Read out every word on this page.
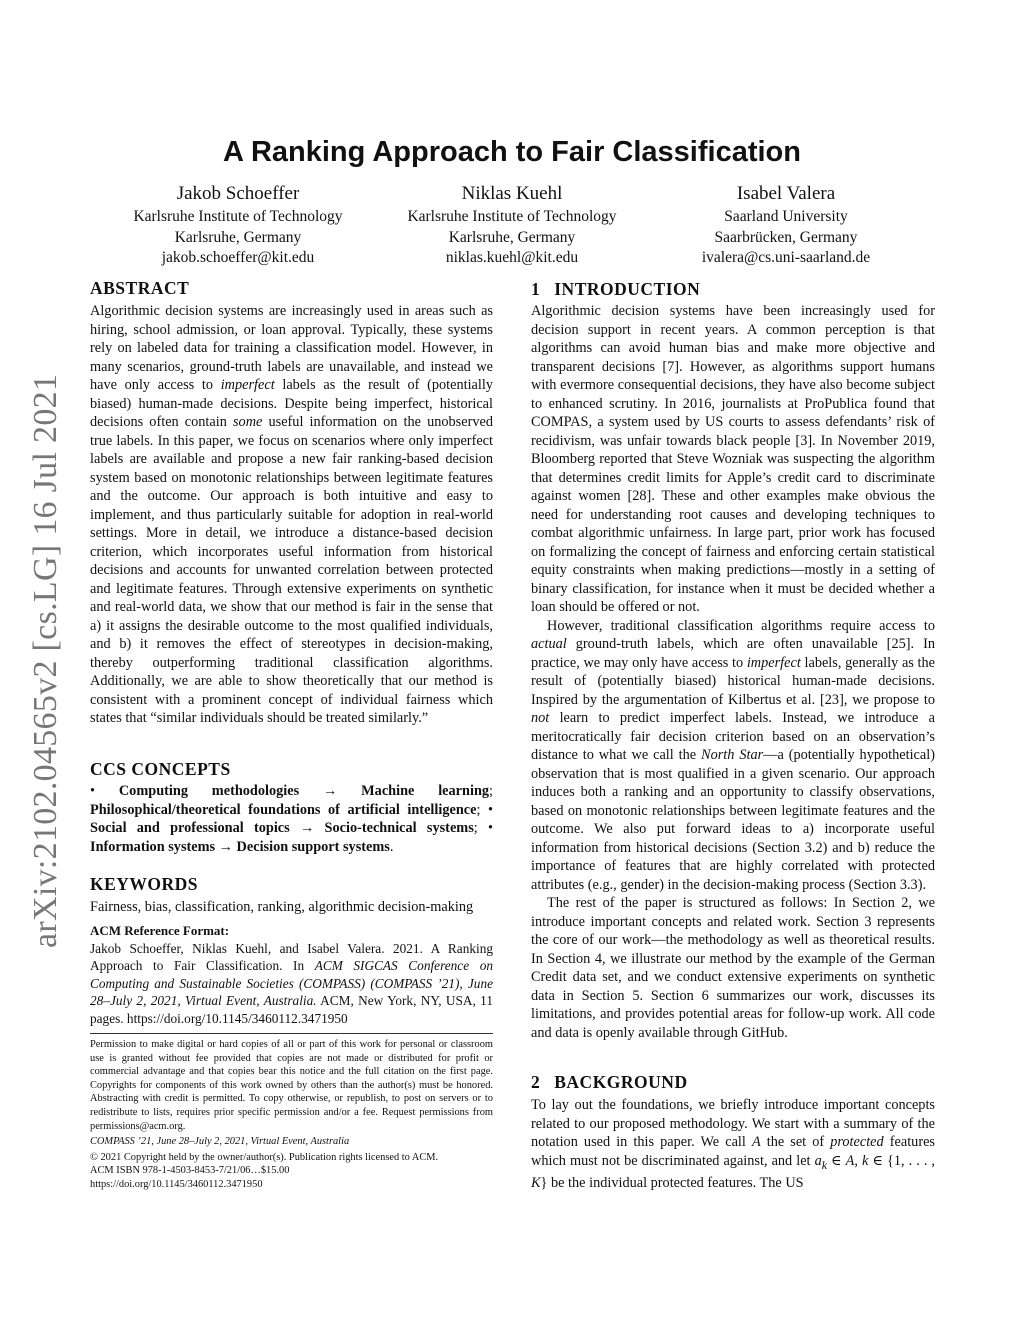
arXiv:2102.04565v2 [cs.LG] 16 Jul 2021
A Ranking Approach to Fair Classification
Jakob Schoeffer
Karlsruhe Institute of Technology
Karlsruhe, Germany
jakob.schoeffer@kit.edu
Niklas Kuehl
Karlsruhe Institute of Technology
Karlsruhe, Germany
niklas.kuehl@kit.edu
Isabel Valera
Saarland University
Saarbrücken, Germany
ivalera@cs.uni-saarland.de
ABSTRACT
Algorithmic decision systems are increasingly used in areas such as hiring, school admission, or loan approval. Typically, these systems rely on labeled data for training a classification model. However, in many scenarios, ground-truth labels are unavailable, and instead we have only access to imperfect labels as the result of (potentially biased) human-made decisions. Despite being imperfect, historical decisions often contain some useful information on the unobserved true labels. In this paper, we focus on scenarios where only imperfect labels are available and propose a new fair ranking-based decision system based on monotonic relationships between legitimate features and the outcome. Our approach is both intuitive and easy to implement, and thus particularly suitable for adoption in real-world settings. More in detail, we introduce a distance-based decision criterion, which incorporates useful information from historical decisions and accounts for unwanted correlation between protected and legitimate features. Through extensive experiments on synthetic and real-world data, we show that our method is fair in the sense that a) it assigns the desirable outcome to the most qualified individuals, and b) it removes the effect of stereotypes in decision-making, thereby outperforming traditional classification algorithms. Additionally, we are able to show theoretically that our method is consistent with a prominent concept of individual fairness which states that “similar individuals should be treated similarly.”
CCS CONCEPTS
• Computing methodologies → Machine learning; Philosophical/theoretical foundations of artificial intelligence; • Social and professional topics → Socio-technical systems; • Information systems → Decision support systems.
KEYWORDS
Fairness, bias, classification, ranking, algorithmic decision-making
ACM Reference Format:
Jakob Schoeffer, Niklas Kuehl, and Isabel Valera. 2021. A Ranking Approach to Fair Classification. In ACM SIGCAS Conference on Computing and Sustainable Societies (COMPASS) (COMPASS ’21), June 28–July 2, 2021, Virtual Event, Australia. ACM, New York, NY, USA, 11 pages. https://doi.org/10.1145/3460112.3471950
Permission to make digital or hard copies of all or part of this work for personal or classroom use is granted without fee provided that copies are not made or distributed for profit or commercial advantage and that copies bear this notice and the full citation on the first page. Copyrights for components of this work owned by others than the author(s) must be honored. Abstracting with credit is permitted. To copy otherwise, or republish, to post on servers or to redistribute to lists, requires prior specific permission and/or a fee. Request permissions from permissions@acm.org.
COMPASS ’21, June 28–July 2, 2021, Virtual Event, Australia
© 2021 Copyright held by the owner/author(s). Publication rights licensed to ACM.
ACM ISBN 978-1-4503-8453-7/21/06…$15.00
https://doi.org/10.1145/3460112.3471950
1 INTRODUCTION

Algorithmic decision systems have been increasingly used for decision support in recent years. A common perception is that algorithms can avoid human bias and make more objective and transparent decisions [7]. However, as algorithms support humans with evermore consequential decisions, they have also become subject to enhanced scrutiny. In 2016, journalists at ProPublica found that COMPAS, a system used by US courts to assess defendants’ risk of recidivism, was unfair towards black people [3]. In November 2019, Bloomberg reported that Steve Wozniak was suspecting the algorithm that determines credit limits for Apple’s credit card to discriminate against women [28]. These and other examples make obvious the need for understanding root causes and developing techniques to combat algorithmic unfairness. In large part, prior work has focused on formalizing the concept of fairness and enforcing certain statistical equity constraints when making predictions—mostly in a setting of binary classification, for instance when it must be decided whether a loan should be offered or not.

However, traditional classification algorithms require access to actual ground-truth labels, which are often unavailable [25]. In practice, we may only have access to imperfect labels, generally as the result of (potentially biased) historical human-made decisions. Inspired by the argumentation of Kilbertus et al. [23], we propose to not learn to predict imperfect labels. Instead, we introduce a meritocratically fair decision criterion based on an observation’s distance to what we call the North Star—a (potentially hypothetical) observation that is most qualified in a given scenario. Our approach induces both a ranking and an opportunity to classify observations, based on monotonic relationships between legitimate features and the outcome. We also put forward ideas to a) incorporate useful information from historical decisions (Section 3.2) and b) reduce the importance of features that are highly correlated with protected attributes (e.g., gender) in the decision-making process (Section 3.3).

The rest of the paper is structured as follows: In Section 2, we introduce important concepts and related work. Section 3 represents the core of our work—the methodology as well as theoretical results. In Section 4, we illustrate our method by the example of the German Credit data set, and we conduct extensive experiments on synthetic data in Section 5. Section 6 summarizes our work, discusses its limitations, and provides potential areas for follow-up work. All code and data is openly available through GitHub.

2 BACKGROUND
To lay out the foundations, we briefly introduce important concepts related to our proposed methodology. We start with a summary of the notation used in this paper. We call A the set of protected features which must not be discriminated against, and let $a_k$ ∈ A, k ∈ {1, . . . , K} be the individual protected features. The US
